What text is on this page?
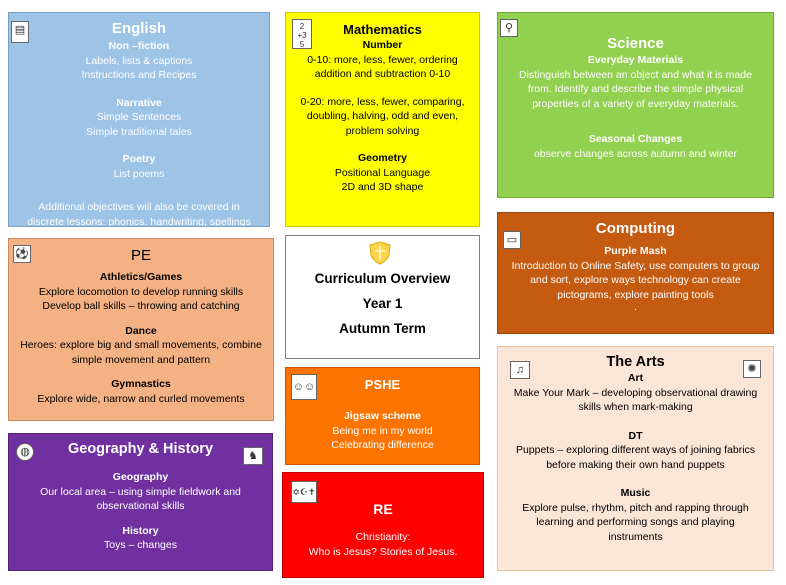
▤	English
Non –fiction
Labels, lists & captions
Instructions and Recipes
Narrative
Simple Sentences
Simple traditional tales
Poetry
List poems
Additional objectives will also be covered in
discrete lessons: phonics, handwriting, spellings
2
+3
5
Mathematics
Number
0-10: more, less, fewer, ordering
addition and subtraction 0-10
0-20: more, less, fewer, comparing,
doubling, halving, odd and even,
problem solving
Geometry
Positional Language
2D and 3D shape
⚲
Science
Everyday Materials
Distinguish between an object and what it is made
from. Identify and describe the simple physical
properties of a variety of everyday materials.
Seasonal Changes
observe changes across autumn and winter
⚽	PE
Athletics/Games
Explore locomotion to develop running skills
Develop ball skills – throwing and catching
Dance
Heroes: explore big and small movements, combine
simple movement and pattern
Gymnastics
Explore wide, narrow and curled movements
Curriculum Overview
Year 1
Autumn Term
▭
Computing
Purple Mash
Introduction to Online Safety, use computers to group
and sort, explore ways technology can create
pictograms, explore painting tools
.
◍	♞
Geography & History
Geography
Our local area – using simple fieldwork and
observational skills
History
Toys – changes
☺☺	PSHE
Jigsaw scheme
Being me in my world
Celebrating difference
✡☪✝
RE
Christianity:
Who is Jesus? Stories of Jesus.
♫	✺
The Arts
Art
Make Your Mark – developing observational drawing
skills when mark-making
DT
Puppets – exploring different ways of joining fabrics
before making their own hand puppets
Music
Explore pulse, rhythm, pitch and rapping through
learning and performing songs and playing
instruments
